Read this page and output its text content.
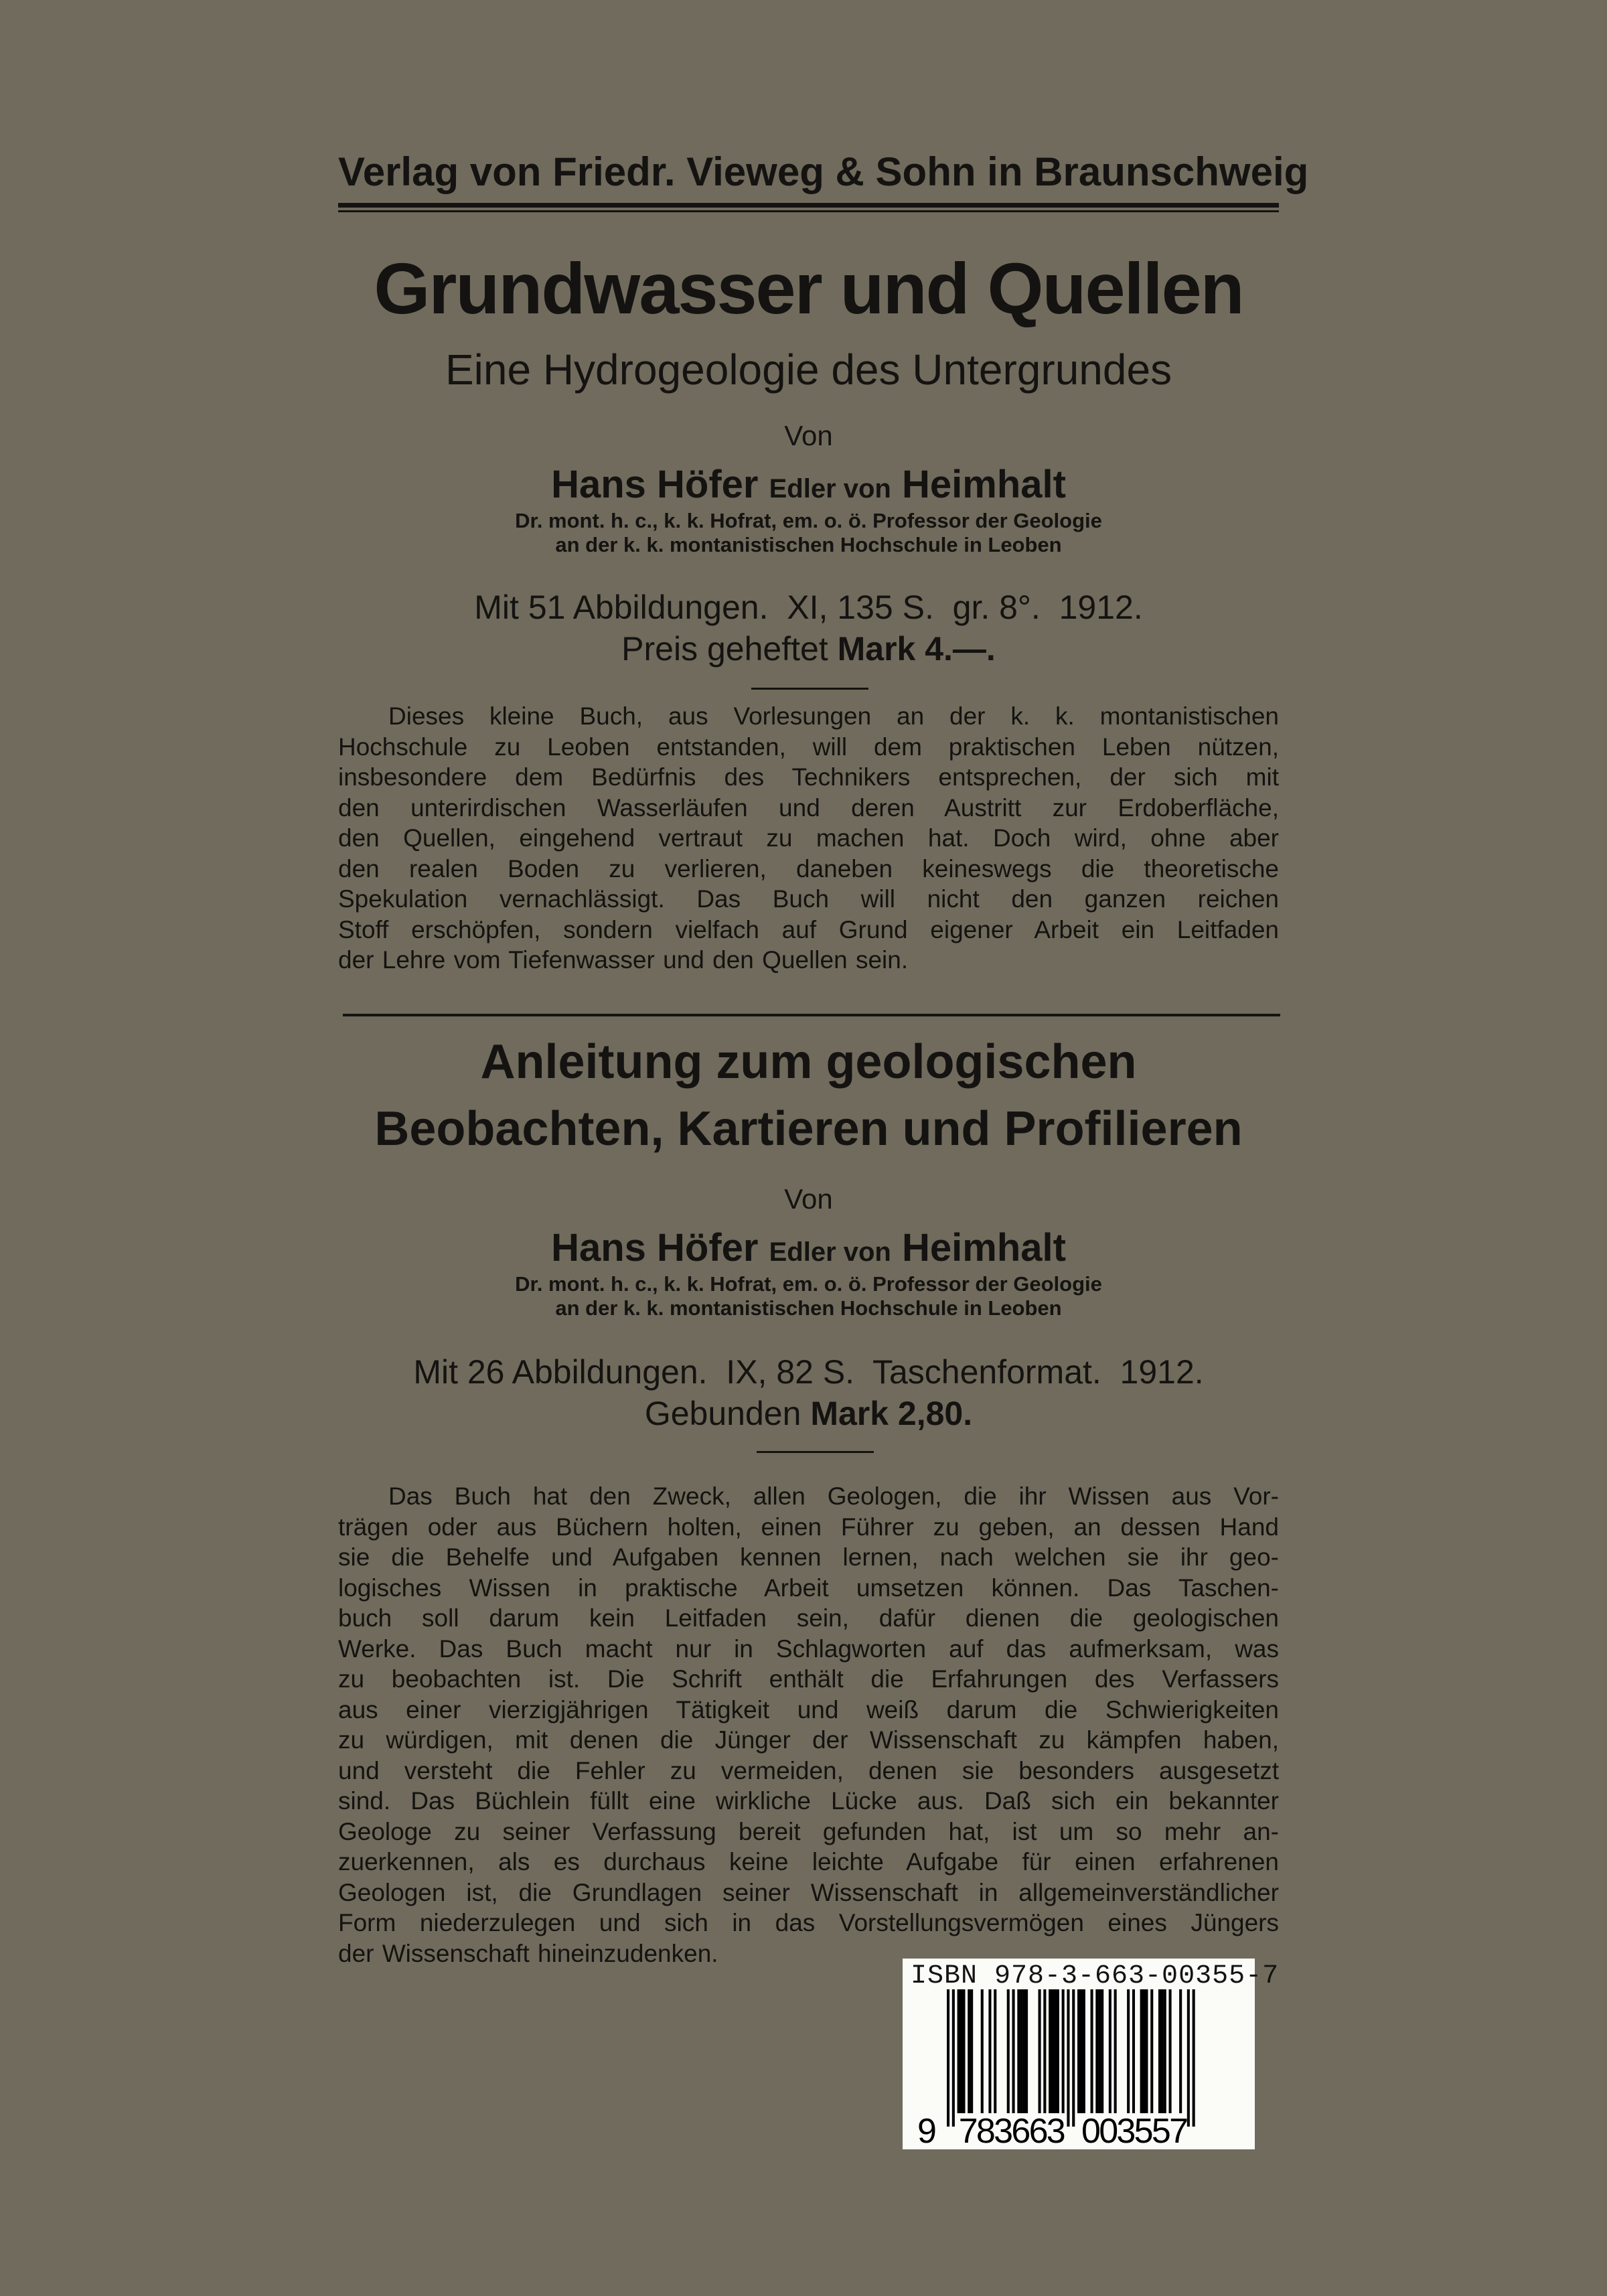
Verlag von Friedr. Vieweg & Sohn in Braunschweig
Grundwasser und Quellen
Eine Hydrogeologie des Untergrundes
Von
Hans Höfer Edler von Heimhalt
Dr. mont. h. c., k. k. Hofrat, em. o. ö. Professor der Geologie
an der k. k. montanistischen Hochschule in Leoben
Mit 51 Abbildungen.  XI, 135 S.  gr. 8°.  1912.
Preis geheftet Mark 4.—.
Dieses kleine Buch, aus Vorlesungen an der k. k. montanistischen
Hochschule zu Leoben entstanden, will dem praktischen Leben nützen,
insbesondere dem Bedürfnis des Technikers entsprechen, der sich mit
den unterirdischen Wasserläufen und deren Austritt zur Erdoberfläche,
den Quellen, eingehend vertraut zu machen hat. Doch wird, ohne aber
den realen Boden zu verlieren, daneben keineswegs die theoretische
Spekulation vernachlässigt. Das Buch will nicht den ganzen reichen
Stoff erschöpfen, sondern vielfach auf Grund eigener Arbeit ein Leitfaden
der Lehre vom Tiefenwasser und den Quellen sein.
Anleitung zum geologischen
Beobachten, Kartieren und Profilieren
Von
Hans Höfer Edler von Heimhalt
Dr. mont. h. c., k. k. Hofrat, em. o. ö. Professor der Geologie
an der k. k. montanistischen Hochschule in Leoben
Mit 26 Abbildungen.  IX, 82 S.  Taschenformat.  1912.
Gebunden Mark 2,80.
Das Buch hat den Zweck, allen Geologen, die ihr Wissen aus Vor-
trägen oder aus Büchern holten, einen Führer zu geben, an dessen Hand
sie die Behelfe und Aufgaben kennen lernen, nach welchen sie ihr geo-
logisches Wissen in praktische Arbeit umsetzen können. Das Taschen-
buch soll darum kein Leitfaden sein, dafür dienen die geologischen
Werke. Das Buch macht nur in Schlagworten auf das aufmerksam, was
zu beobachten ist. Die Schrift enthält die Erfahrungen des Verfassers
aus einer vierzigjährigen Tätigkeit und weiß darum die Schwierigkeiten
zu würdigen, mit denen die Jünger der Wissenschaft zu kämpfen haben,
und versteht die Fehler zu vermeiden, denen sie besonders ausgesetzt
sind. Das Büchlein füllt eine wirkliche Lücke aus. Daß sich ein bekannter
Geologe zu seiner Verfassung bereit gefunden hat, ist um so mehr an-
zuerkennen, als es durchaus keine leichte Aufgabe für einen erfahrenen
Geologen ist, die Grundlagen seiner Wissenschaft in allgemeinverständlicher
Form niederzulegen und sich in das Vorstellungsvermögen eines Jüngers
der Wissenschaft hineinzudenken.
9 783663 003557
ISBN 978-3-663-00355-7
